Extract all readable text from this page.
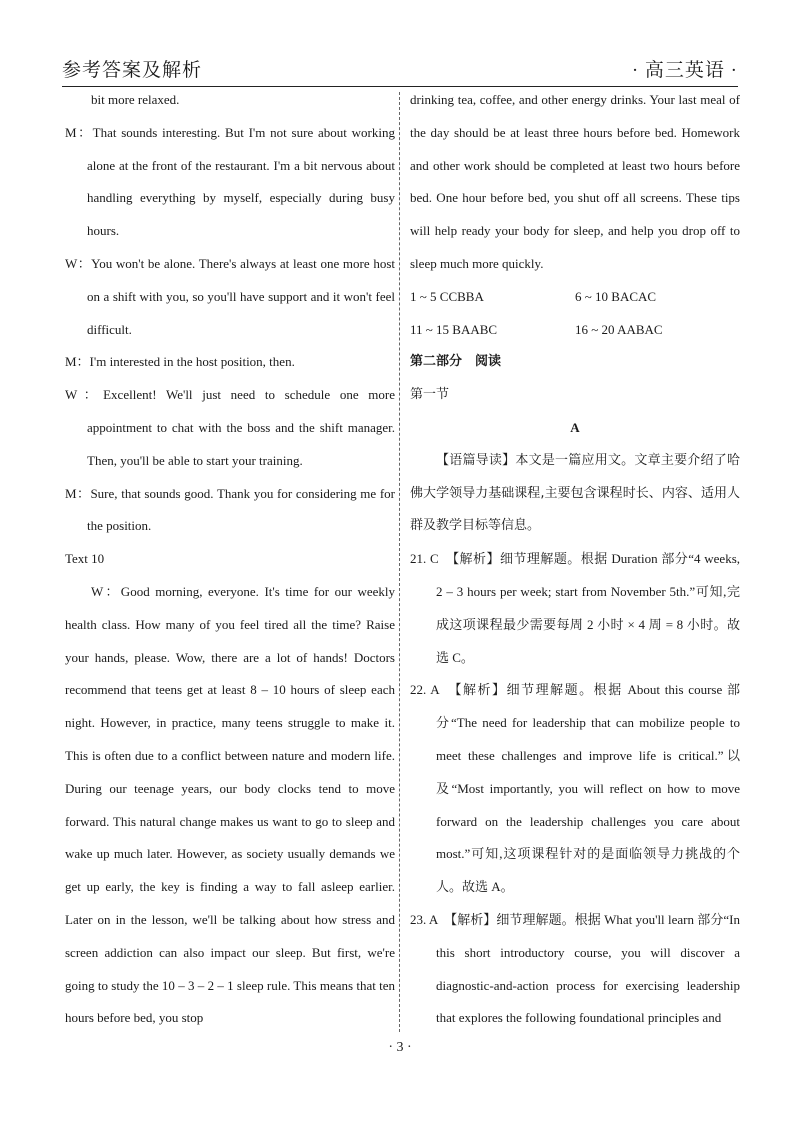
参考答案及解析	· 高三英语 ·

bit more relaxed.

M：That sounds interesting. But I'm not sure about working alone at the front of the restaurant. I'm a bit nervous about handling everything by myself, especially during busy hours.

W：You won't be alone. There's always at least one more host on a shift with you, so you'll have support and it won't feel difficult.

M：I'm interested in the host position, then.

W：Excellent! We'll just need to schedule one more appointment to chat with the boss and the shift manager. Then, you'll be able to start your training.

M：Sure, that sounds good. Thank you for considering me for the position.

Text 10

W：Good morning, everyone. It's time for our weekly health class. How many of you feel tired all the time? Raise your hands, please. Wow, there are a lot of hands! Doctors recommend that teens get at least 8 – 10 hours of sleep each night. However, in practice, many teens struggle to make it. This is often due to a conflict between nature and modern life. During our teenage years, our body clocks tend to move forward. This natural change makes us want to go to sleep and wake up much later. However, as society usually demands we get up early, the key is finding a way to fall asleep earlier. Later on in the lesson, we'll be talking about how stress and screen addiction can also impact our sleep. But first, we're going to study the 10 – 3 – 2 – 1 sleep rule. This means that ten hours before bed, you stop

drinking tea, coffee, and other energy drinks. Your last meal of the day should be at least three hours before bed. Homework and other work should be completed at least two hours before bed. One hour before bed, you shut off all screens. These tips will help ready your body for sleep, and help you drop off to sleep much more quickly.

1 ~ 5 CCBBA	6 ~ 10 BACAC
11 ~ 15 BAABC	16 ~ 20 AABAC

第二部分　阅读

第一节

A

【语篇导读】本文是一篇应用文。文章主要介绍了哈佛大学领导力基础课程,主要包含课程时长、内容、适用人群及教学目标等信息。

21. C　【解析】细节理解题。根据 Duration 部分“4 weeks, 2 – 3 hours per week; start from November 5th.”可知,完成这项课程最少需要每周 2 小时 × 4 周 = 8 小时。故选 C。

22. A　【解析】细节理解题。根据 About this course 部分“The need for leadership that can mobilize people to meet these challenges and improve life is critical.”以及“Most importantly, you will reflect on how to move forward on the leadership challenges you care about most.”可知,这项课程针对的是面临领导力挑战的个人。故选 A。

23. A　【解析】细节理解题。根据 What you'll learn 部分“In this short introductory course, you will discover a diagnostic-and-action process for exercising leadership that explores the following foundational principles and

· 3 ·
